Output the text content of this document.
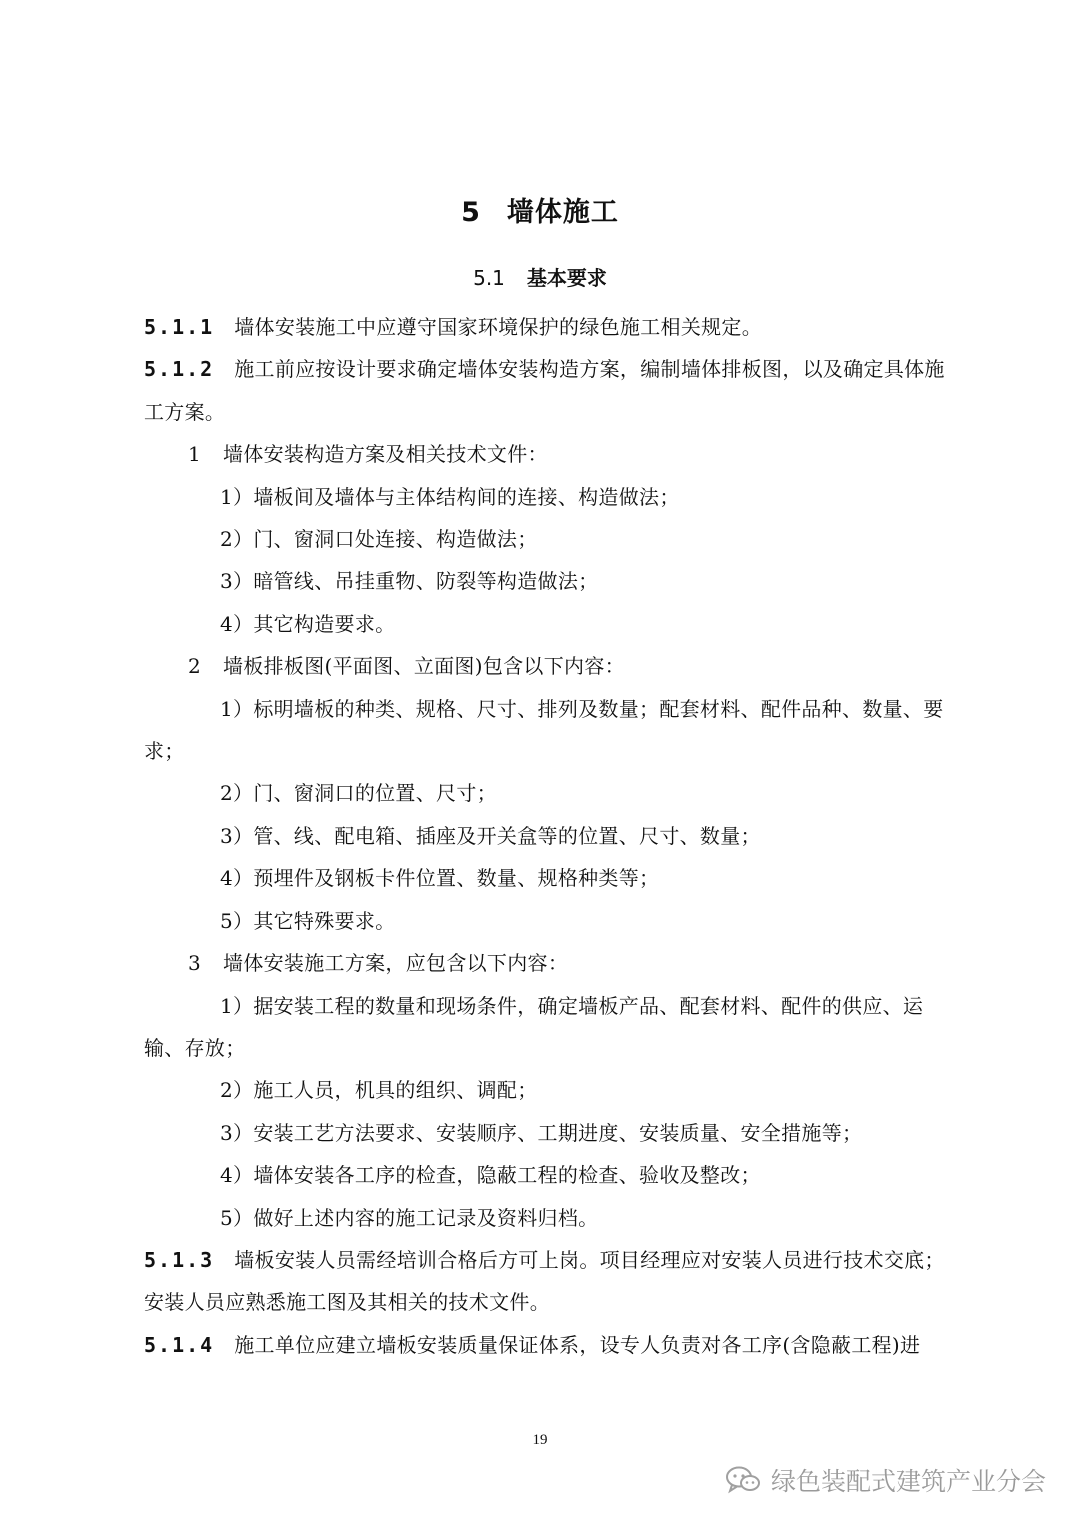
5 墙体施工
5.1 基本要求

5.1.1 墙体安装施工中应遵守国家环境保护的绿色施工相关规定。

5.1.2 施工前应按设计要求确定墙体安装构造方案，编制墙体排板图，以及确定具体施工方案。

1 墙体安装构造方案及相关技术文件：

1）墙板间及墙体与主体结构间的连接、构造做法；

2）门、窗洞口处连接、构造做法；

3）暗管线、吊挂重物、防裂等构造做法；

4）其它构造要求。

2 墙板排板图(平面图、立面图)包含以下内容：

1）标明墙板的种类、规格、尺寸、排列及数量；配套材料、配件品种、数量、要求；

2）门、窗洞口的位置、尺寸；

3）管、线、配电箱、插座及开关盒等的位置、尺寸、数量；

4）预埋件及钢板卡件位置、数量、规格种类等；

5）其它特殊要求。

3 墙体安装施工方案，应包含以下内容：

1）据安装工程的数量和现场条件，确定墙板产品、配套材料、配件的供应、运输、存放；

2）施工人员，机具的组织、调配；

3）安装工艺方法要求、安装顺序、工期进度、安装质量、安全措施等；

4）墙体安装各工序的检查，隐蔽工程的检查、验收及整改；

5）做好上述内容的施工记录及资料归档。

5.1.3 墙板安装人员需经培训合格后方可上岗。项目经理应对安装人员进行技术交底；安装人员应熟悉施工图及其相关的技术文件。

5.1.4 施工单位应建立墙板安装质量保证体系，设专人负责对各工序(含隐蔽工程)进

19
绿色装配式建筑产业分会
